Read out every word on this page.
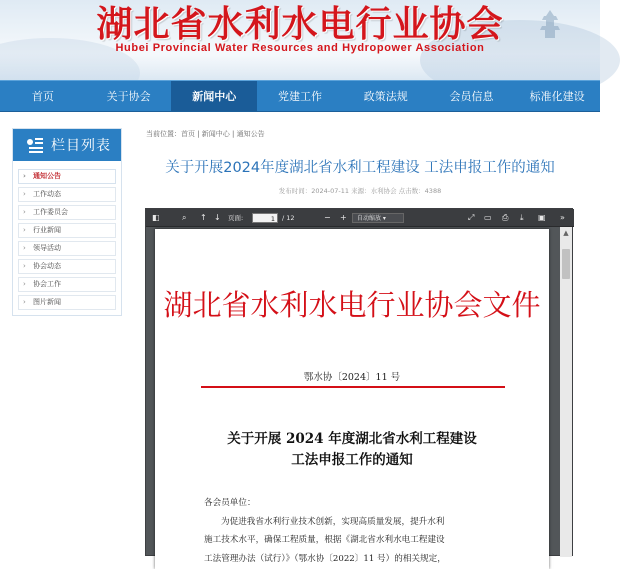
湖北省水利水电行业协会
Hubei Provincial Water Resources and Hydropower Association
首页	关于协会	新闻中心	党建工作	政策法规	会员信息	标准化建设
栏目列表
› 通知公告
› 工作动态
› 工作委员会
› 行业新闻
› 领导活动
› 协会动态
› 协会工作
› 图片新闻
当前位置：首页 | 新闻中心 | 通知公告
关于开展2024年度湖北省水利工程建设 工法申报工作的通知
发布时间：2024-07-11 来源：水利协会 点击数：4388
◧	⌕ ↑ ↓ 页面:	1	/ 12	− +	自动缩放 ▾	⤢ ▭ ⎙ ⤓ ▣ »
湖北省水利水电行业协会文件
鄂水协〔2024〕11 号
关于开展 2024 年度湖北省水利工程建设
工法申报工作的通知
各会员单位：
为促进我省水利行业技术创新，实现高质量发展，提升水利
施工技术水平，确保工程质量，根据《湖北省水利水电工程建设
工法管理办法（试行）》（鄂水协〔2022〕11 号）的相关规定，
▲
